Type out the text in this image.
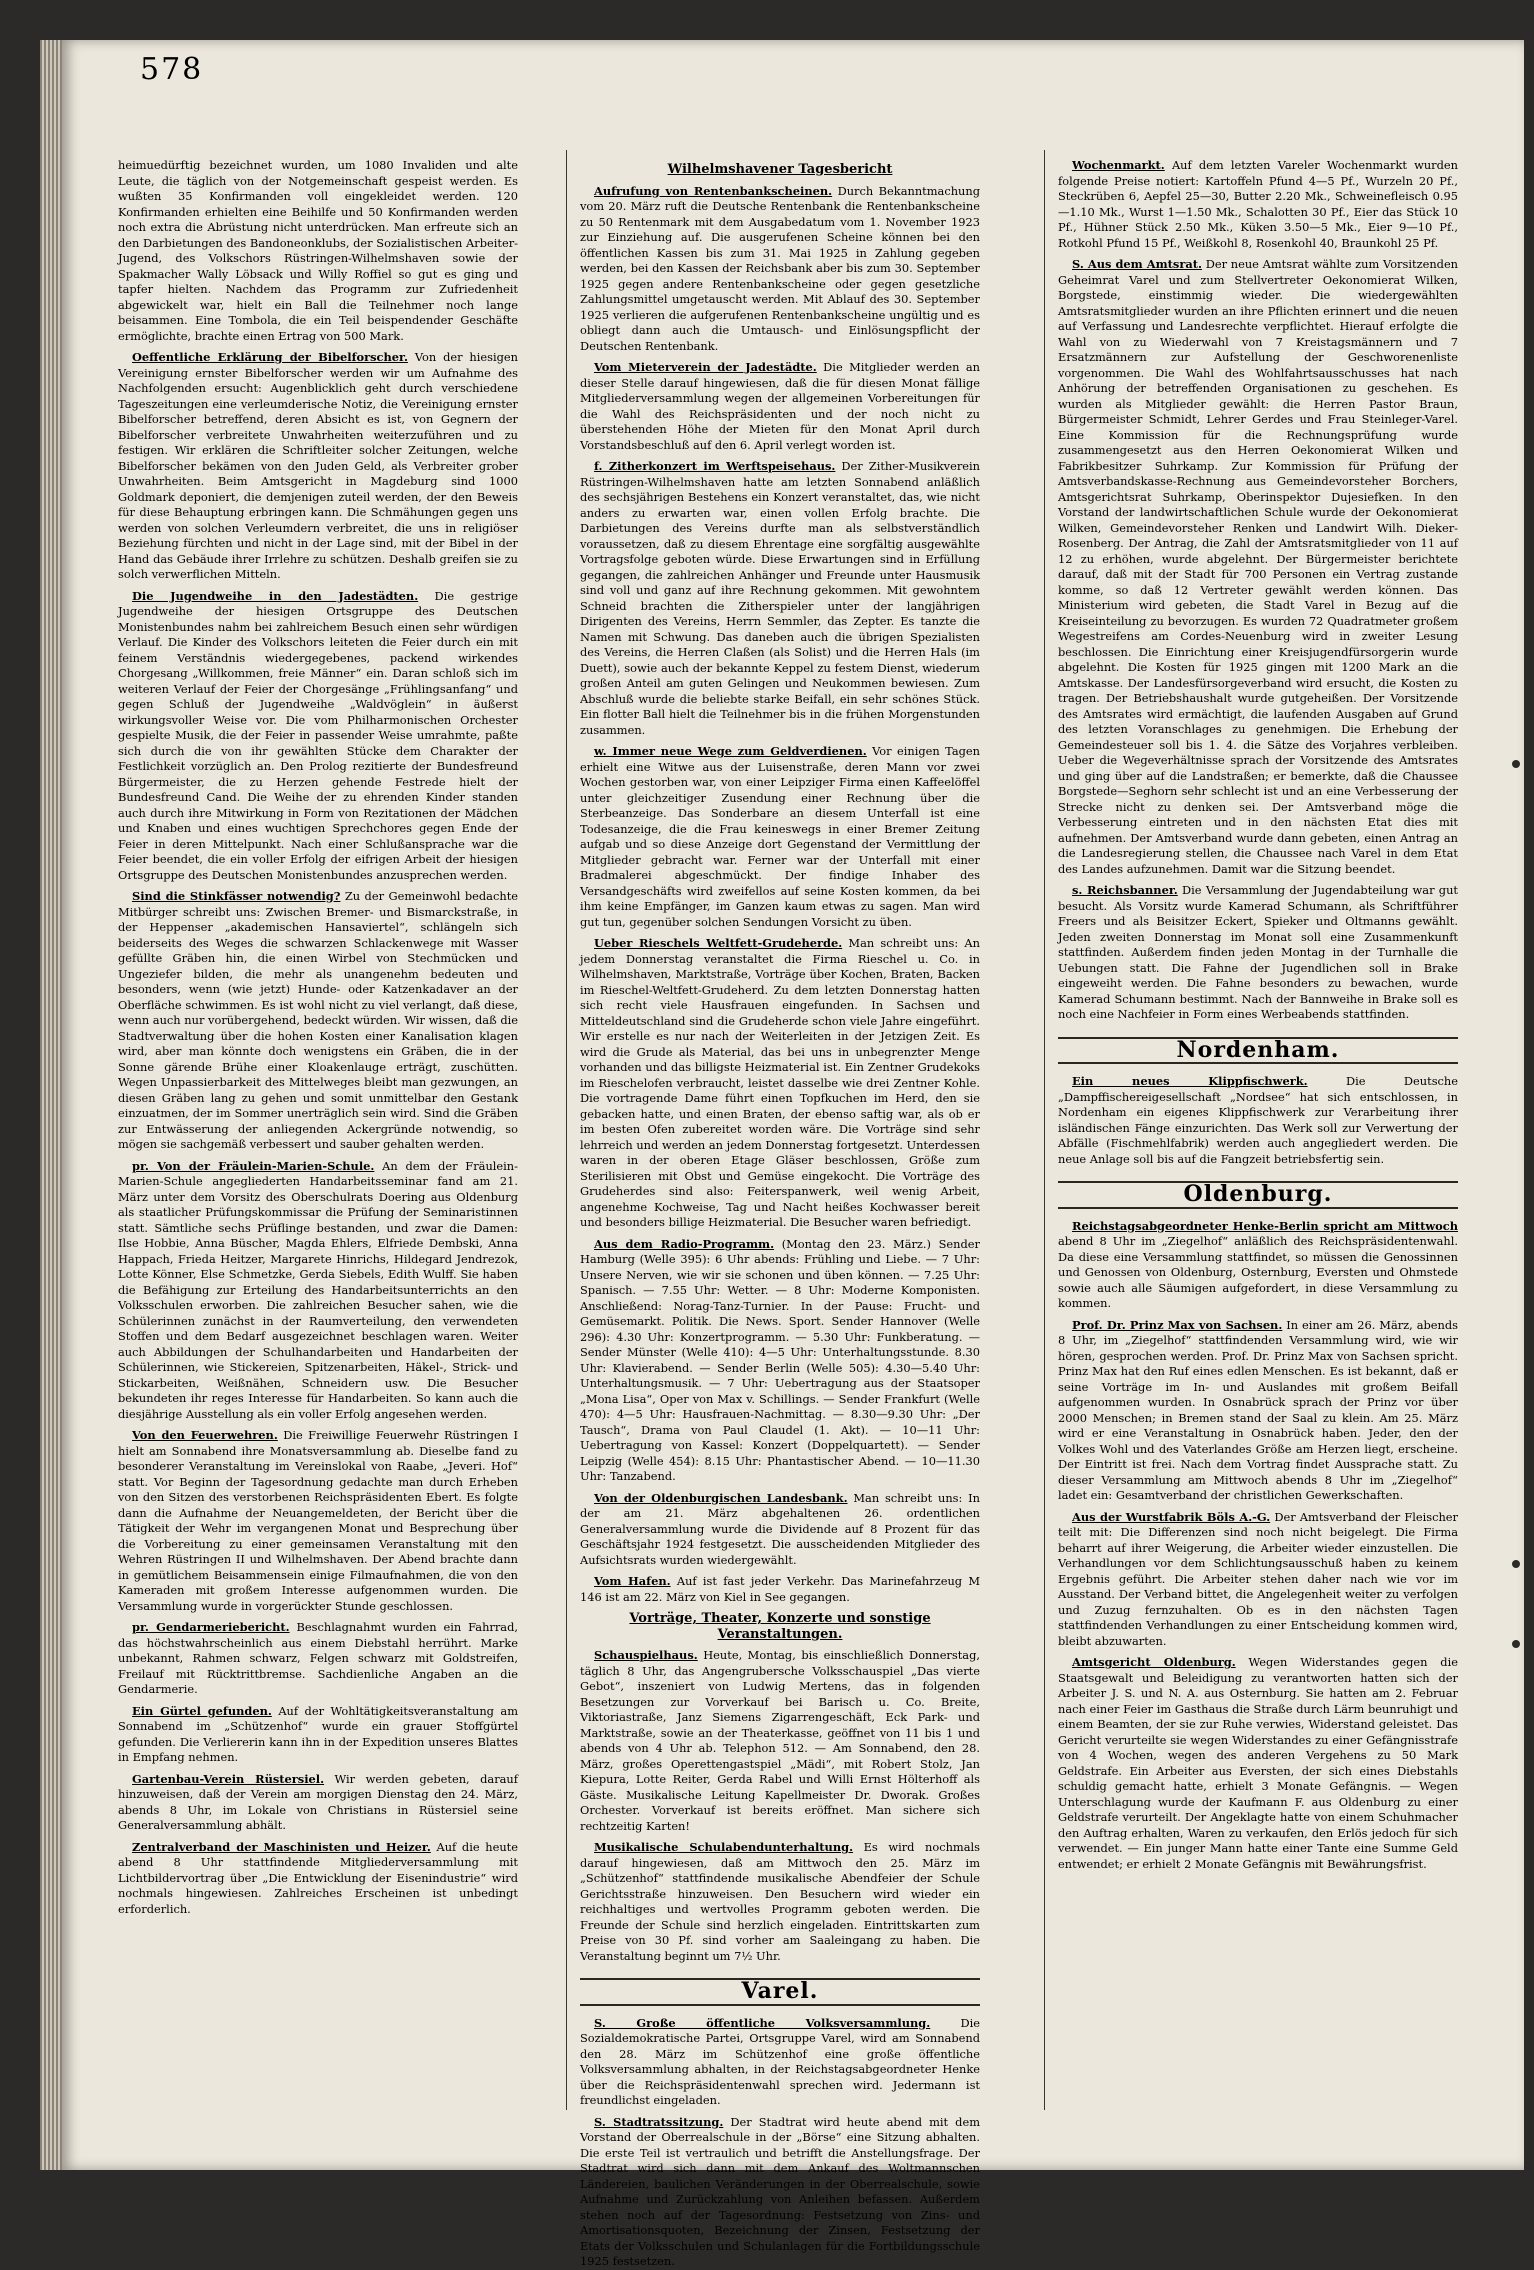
578

heimuedürftig bezeichnet wurden, um 1080 Invaliden und alte Leute, die täglich von der Notgemeinschaft gespeist werden. Es wußten 35 Konfirmanden voll eingekleidet werden. 120 Konfirmanden erhielten eine Beihilfe und 50 Konfirmanden werden noch extra die Abrüstung nicht unterdrücken. Man erfreute sich an den Darbietungen des Bandoneonklubs, der Sozialistischen Arbeiter-Jugend, des Volkschors Rüstringen-Wilhelmshaven sowie der Spakmacher Wally Löbsack und Willy Roffiel so gut es ging und tapfer hielten. Nachdem das Programm zur Zufriedenheit abgewickelt war, hielt ein Ball die Teilnehmer noch lange beisammen. Eine Tombola, die ein Teil beispendender Geschäfte ermöglichte, brachte einen Ertrag von 500 Mark.

Oeffentliche Erklärung der Bibelforscher. Von der hiesigen Vereinigung ernster Bibelforscher werden wir um Aufnahme des Nachfolgenden ersucht: Augenblicklich geht durch verschiedene Tageszeitungen eine verleumderische Notiz, die Vereinigung ernster Bibelforscher betreffend, deren Absicht es ist, von Gegnern der Bibelforscher verbreitete Unwahrheiten weiterzuführen und zu festigen. Wir erklären die Schriftleiter solcher Zeitungen, welche Bibelforscher bekämen von den Juden Geld, als Verbreiter grober Unwahrheiten. Beim Amtsgericht in Magdeburg sind 1000 Goldmark deponiert, die demjenigen zuteil werden, der den Beweis für diese Behauptung erbringen kann. Die Schmähungen gegen uns werden von solchen Verleumdern verbreitet, die uns in religiöser Beziehung fürchten und nicht in der Lage sind, mit der Bibel in der Hand das Gebäude ihrer Irrlehre zu schützen. Deshalb greifen sie zu solch verwerflichen Mitteln.

Die Jugendweihe in den Jadestädten. Die gestrige Jugendweihe der hiesigen Ortsgruppe des Deutschen Monistenbundes nahm bei zahlreichem Besuch einen sehr würdigen Verlauf. Die Kinder des Volkschors leiteten die Feier durch ein mit feinem Verständnis wiedergegebenes, packend wirkendes Chorgesang „Willkommen, freie Männer“ ein. Daran schloß sich im weiteren Verlauf der Feier der Chorgesänge „Frühlingsanfang“ und gegen Schluß der Jugendweihe „Waldvöglein“ in äußerst wirkungsvoller Weise vor. Die vom Philharmonischen Orchester gespielte Musik, die der Feier in passender Weise umrahmte, paßte sich durch die von ihr gewählten Stücke dem Charakter der Festlichkeit vorzüglich an. Den Prolog rezitierte der Bundesfreund Bürgermeister, die zu Herzen gehende Festrede hielt der Bundesfreund Cand. Die Weihe der zu ehrenden Kinder standen auch durch ihre Mitwirkung in Form von Rezitationen der Mädchen und Knaben und eines wuchtigen Sprechchores gegen Ende der Feier in deren Mittelpunkt. Nach einer Schlußansprache war die Feier beendet, die ein voller Erfolg der eifrigen Arbeit der hiesigen Ortsgruppe des Deutschen Monistenbundes anzusprechen werden.

Sind die Stinkfässer notwendig? Zu der Gemeinwohl bedachte Mitbürger schreibt uns: Zwischen Bremer- und Bismarckstraße, in der Heppenser „akademischen Hansaviertel“, schlängeln sich beiderseits des Weges die schwarzen Schlackenwege mit Wasser gefüllte Gräben hin, die einen Wirbel von Stechmücken und Ungeziefer bilden, die mehr als unangenehm bedeuten und besonders, wenn (wie jetzt) Hunde- oder Katzenkadaver an der Oberfläche schwimmen. Es ist wohl nicht zu viel verlangt, daß diese, wenn auch nur vorübergehend, bedeckt würden. Wir wissen, daß die Stadtverwaltung über die hohen Kosten einer Kanalisation klagen wird, aber man könnte doch wenigstens ein Gräben, die in der Sonne gärende Brühe einer Kloakenlauge erträgt, zuschütten. Wegen Unpassierbarkeit des Mittelweges bleibt man gezwungen, an diesen Gräben lang zu gehen und somit unmittelbar den Gestank einzuatmen, der im Sommer unerträglich sein wird. Sind die Gräben zur Entwässerung der anliegenden Ackergründe notwendig, so mögen sie sachgemäß verbessert und sauber gehalten werden.

pr. Von der Fräulein-Marien-Schule. An dem der Fräulein-Marien-Schule angegliederten Handarbeitsseminar fand am 21. März unter dem Vorsitz des Oberschulrats Doering aus Oldenburg als staatlicher Prüfungskommissar die Prüfung der Seminaristinnen statt. Sämtliche sechs Prüflinge bestanden, und zwar die Damen: Ilse Hobbie, Anna Büscher, Magda Ehlers, Elfriede Dembski, Anna Happach, Frieda Heitzer, Margarete Hinrichs, Hildegard Jendrezok, Lotte Könner, Else Schmetzke, Gerda Siebels, Edith Wulff. Sie haben die Befähigung zur Erteilung des Handarbeitsunterrichts an den Volksschulen erworben. Die zahlreichen Besucher sahen, wie die Schülerinnen zunächst in der Raumverteilung, den verwendeten Stoffen und dem Bedarf ausgezeichnet beschlagen waren. Weiter auch Abbildungen der Schulhandarbeiten und Handarbeiten der Schülerinnen, wie Stickereien, Spitzenarbeiten, Häkel-, Strick- und Stickarbeiten, Weißnähen, Schneidern usw. Die Besucher bekundeten ihr reges Interesse für Handarbeiten. So kann auch die diesjährige Ausstellung als ein voller Erfolg angesehen werden.

Von den Feuerwehren. Die Freiwillige Feuerwehr Rüstringen I hielt am Sonnabend ihre Monatsversammlung ab. Dieselbe fand zu besonderer Veranstaltung im Vereinslokal von Raabe, „Jeveri. Hof“ statt. Vor Beginn der Tagesordnung gedachte man durch Erheben von den Sitzen des verstorbenen Reichspräsidenten Ebert. Es folgte dann die Aufnahme der Neuangemeldeten, der Bericht über die Tätigkeit der Wehr im vergangenen Monat und Besprechung über die Vorbereitung zu einer gemeinsamen Veranstaltung mit den Wehren Rüstringen II und Wilhelmshaven. Der Abend brachte dann in gemütlichem Beisammensein einige Filmaufnahmen, die von den Kameraden mit großem Interesse aufgenommen wurden. Die Versammlung wurde in vorgerückter Stunde geschlossen.

pr. Gendarmeriebericht. Beschlagnahmt wurden ein Fahrrad, das höchstwahrscheinlich aus einem Diebstahl herrührt. Marke unbekannt, Rahmen schwarz, Felgen schwarz mit Goldstreifen, Freilauf mit Rücktrittbremse. Sachdienliche Angaben an die Gendarmerie.

Ein Gürtel gefunden. Auf der Wohltätigkeitsveranstaltung am Sonnabend im „Schützenhof“ wurde ein grauer Stoffgürtel gefunden. Die Verliererin kann ihn in der Expedition unseres Blattes in Empfang nehmen.

Gartenbau-Verein Rüstersiel. Wir werden gebeten, darauf hinzuweisen, daß der Verein am morgigen Dienstag den 24. März, abends 8 Uhr, im Lokale von Christians in Rüstersiel seine Generalversammlung abhält.

Zentralverband der Maschinisten und Heizer. Auf die heute abend 8 Uhr stattfindende Mitgliederversammlung mit Lichtbildervortrag über „Die Entwicklung der Eisenindustrie“ wird nochmals hingewiesen. Zahlreiches Erscheinen ist unbedingt erforderlich.

Wilhelmshavener Tagesbericht

Aufrufung von Rentenbankscheinen. Durch Bekanntmachung vom 20. März ruft die Deutsche Rentenbank die Rentenbankscheine zu 50 Rentenmark mit dem Ausgabedatum vom 1. November 1923 zur Einziehung auf. Die ausgerufenen Scheine können bei den öffentlichen Kassen bis zum 31. Mai 1925 in Zahlung gegeben werden, bei den Kassen der Reichsbank aber bis zum 30. September 1925 gegen andere Rentenbankscheine oder gegen gesetzliche Zahlungsmittel umgetauscht werden. Mit Ablauf des 30. September 1925 verlieren die aufgerufenen Rentenbankscheine ungültig und es obliegt dann auch die Umtausch- und Einlösungspflicht der Deutschen Rentenbank.

Vom Mieterverein der Jadestädte. Die Mitglieder werden an dieser Stelle darauf hingewiesen, daß die für diesen Monat fällige Mitgliederversammlung wegen der allgemeinen Vorbereitungen für die Wahl des Reichspräsidenten und der noch nicht zu überstehenden Höhe der Mieten für den Monat April durch Vorstandsbeschluß auf den 6. April verlegt worden ist.

f. Zitherkonzert im Werftspeisehaus. Der Zither-Musikverein Rüstringen-Wilhelmshaven hatte am letzten Sonnabend anläßlich des sechsjährigen Bestehens ein Konzert veranstaltet, das, wie nicht anders zu erwarten war, einen vollen Erfolg brachte. Die Darbietungen des Vereins durfte man als selbstverständlich voraussetzen, daß zu diesem Ehrentage eine sorgfältig ausgewählte Vortragsfolge geboten würde. Diese Erwartungen sind in Erfüllung gegangen, die zahlreichen Anhänger und Freunde unter Hausmusik sind voll und ganz auf ihre Rechnung gekommen. Mit gewohntem Schneid brachten die Zitherspieler unter der langjährigen Dirigenten des Vereins, Herrn Semmler, das Zepter. Es tanzte die Namen mit Schwung. Das daneben auch die übrigen Spezialisten des Vereins, die Herren Claßen (als Solist) und die Herren Hals (im Duett), sowie auch der bekannte Keppel zu festem Dienst, wiederum großen Anteil am guten Gelingen und Neukommen bewiesen. Zum Abschluß wurde die beliebte starke Beifall, ein sehr schönes Stück. Ein flotter Ball hielt die Teilnehmer bis in die frühen Morgenstunden zusammen.

w. Immer neue Wege zum Geldverdienen. Vor einigen Tagen erhielt eine Witwe aus der Luisenstraße, deren Mann vor zwei Wochen gestorben war, von einer Leipziger Firma einen Kaffeelöffel unter gleichzeitiger Zusendung einer Rechnung über die Sterbeanzeige. Das Sonderbare an diesem Unterfall ist eine Todesanzeige, die die Frau keineswegs in einer Bremer Zeitung aufgab und so diese Anzeige dort Gegenstand der Vermittlung der Mitglieder gebracht war. Ferner war der Unterfall mit einer Bradmalerei abgeschmückt. Der findige Inhaber des Versandgeschäfts wird zweifellos auf seine Kosten kommen, da bei ihm keine Empfänger, im Ganzen kaum etwas zu sagen. Man wird gut tun, gegenüber solchen Sendungen Vorsicht zu üben.

Ueber Rieschels Weltfett-Grudeherde. Man schreibt uns: An jedem Donnerstag veranstaltet die Firma Rieschel u. Co. in Wilhelmshaven, Marktstraße, Vorträge über Kochen, Braten, Backen im Rieschel-Weltfett-Grudeherd. Zu dem letzten Donnerstag hatten sich recht viele Hausfrauen eingefunden. In Sachsen und Mitteldeutschland sind die Grudeherde schon viele Jahre eingeführt. Wir erstelle es nur nach der Weiterleiten in der Jetzigen Zeit. Es wird die Grude als Material, das bei uns in unbegrenzter Menge vorhanden und das billigste Heizmaterial ist. Ein Zentner Grudekoks im Rieschelofen verbraucht, leistet dasselbe wie drei Zentner Kohle. Die vortragende Dame führt einen Topfkuchen im Herd, den sie gebacken hatte, und einen Braten, der ebenso saftig war, als ob er im besten Ofen zubereitet worden wäre. Die Vorträge sind sehr lehrreich und werden an jedem Donnerstag fortgesetzt. Unterdessen waren in der oberen Etage Gläser beschlossen, Größe zum Sterilisieren mit Obst und Gemüse eingekocht. Die Vorträge des Grudeherdes sind also: Feiterspanwerk, weil wenig Arbeit, angenehme Kochweise, Tag und Nacht heißes Kochwasser bereit und besonders billige Heizmaterial. Die Besucher waren befriedigt.

Aus dem Radio-Programm. (Montag den 23. März.) Sender Hamburg (Welle 395): 6 Uhr abends: Frühling und Liebe. — 7 Uhr: Unsere Nerven, wie wir sie schonen und üben können. — 7.25 Uhr: Spanisch. — 7.55 Uhr: Wetter. — 8 Uhr: Moderne Komponisten. Anschließend: Norag-Tanz-Turnier. In der Pause: Frucht- und Gemüsemarkt. Politik. Die News. Sport. Sender Hannover (Welle 296): 4.30 Uhr: Konzertprogramm. — 5.30 Uhr: Funkberatung. — Sender Münster (Welle 410): 4—5 Uhr: Unterhaltungsstunde. 8.30 Uhr: Klavierabend. — Sender Berlin (Welle 505): 4.30—5.40 Uhr: Unterhaltungsmusik. — 7 Uhr: Uebertragung aus der Staatsoper „Mona Lisa“, Oper von Max v. Schillings. — Sender Frankfurt (Welle 470): 4—5 Uhr: Hausfrauen-Nachmittag. — 8.30—9.30 Uhr: „Der Tausch“, Drama von Paul Claudel (1. Akt). — 10—11 Uhr: Uebertragung von Kassel: Konzert (Doppelquartett). — Sender Leipzig (Welle 454): 8.15 Uhr: Phantastischer Abend. — 10—11.30 Uhr: Tanzabend.

Von der Oldenburgischen Landesbank. Man schreibt uns: In der am 21. März abgehaltenen 26. ordentlichen Generalversammlung wurde die Dividende auf 8 Prozent für das Geschäftsjahr 1924 festgesetzt. Die ausscheidenden Mitglieder des Aufsichtsrats wurden wiedergewählt.

Vom Hafen. Auf ist fast jeder Verkehr. Das Marinefahrzeug M 146 ist am 22. März von Kiel in See gegangen.

Vorträge, Theater, Konzerte und sonstige Veranstaltungen.

Schauspielhaus. Heute, Montag, bis einschließlich Donnerstag, täglich 8 Uhr, das Angengrubersche Volksschauspiel „Das vierte Gebot“, inszeniert von Ludwig Mertens, das in folgenden Besetzungen zur Vorverkauf bei Barisch u. Co. Breite, Viktoriastraße, Janz Siemens Zigarrengeschäft, Eck Park- und Marktstraße, sowie an der Theaterkasse, geöffnet von 11 bis 1 und abends von 4 Uhr ab. Telephon 512. — Am Sonnabend, den 28. März, großes Operettengastspiel „Mädi“, mit Robert Stolz, Jan Kiepura, Lotte Reiter, Gerda Rabel und Willi Ernst Hölterhoff als Gäste. Musikalische Leitung Kapellmeister Dr. Dworak. Großes Orchester. Vorverkauf ist bereits eröffnet. Man sichere sich rechtzeitig Karten!

Musikalische Schulabendunterhaltung. Es wird nochmals darauf hingewiesen, daß am Mittwoch den 25. März im „Schützenhof“ stattfindende musikalische Abendfeier der Schule Gerichtsstraße hinzuweisen. Den Besuchern wird wieder ein reichhaltiges und wertvolles Programm geboten werden. Die Freunde der Schule sind herzlich eingeladen. Eintrittskarten zum Preise von 30 Pf. sind vorher am Saaleingang zu haben. Die Veranstaltung beginnt um 7½ Uhr.

Varel.

S. Große öffentliche Volksversammlung.	Die Sozialdemokratische Partei, Ortsgruppe Varel, wird am Sonnabend den 28. März im Schützenhof eine große öffentliche Volksversammlung abhalten, in der Reichstagsabgeordneter Henke über die Reichspräsidentenwahl sprechen wird. Jedermann ist freundlichst eingeladen.

S. Stadtratssitzung. Der Stadtrat wird heute abend mit dem Vorstand der Oberrealschule in der „Börse“ eine Sitzung abhalten. Die erste Teil ist vertraulich und betrifft die Anstellungsfrage. Der Stadtrat wird sich dann mit dem Ankauf des Woltmannschen Ländereien, baulichen Veränderungen in der Oberrealschule, sowie Aufnahme und Zurückzahlung von Anleihen befassen. Außerdem stehen noch auf der Tagesordnung: Festsetzung von Zins- und Amortisationsquoten, Bezeichnung der Zinsen, Festsetzung der Etats der Volksschulen und Schulanlagen für die Fortbildungsschule 1925 festsetzen.

Wochenmarkt. Auf dem letzten Vareler Wochenmarkt wurden folgende Preise notiert: Kartoffeln Pfund 4—5 Pf., Wurzeln 20 Pf., Steckrüben 6, Aepfel 25—30, Butter 2.20 Mk., Schweinefleisch 0.95—1.10 Mk., Wurst 1—1.50 Mk., Schalotten 30 Pf., Eier das Stück 10 Pf., Hühner Stück 2.50 Mk., Küken 3.50—5 Mk., Eier 9—10 Pf., Rotkohl Pfund 15 Pf., Weißkohl 8, Rosenkohl 40, Braunkohl 25 Pf.

S. Aus dem Amtsrat. Der neue Amtsrat wählte zum Vorsitzenden Geheimrat Varel und zum Stellvertreter Oekonomierat Wilken, Borgstede, einstimmig wieder. Die wiedergewählten Amtsratsmitglieder wurden an ihre Pflichten erinnert und die neuen auf Verfassung und Landesrechte verpflichtet. Hierauf erfolgte die Wahl von zu Wiederwahl von 7 Kreistagsmännern und 7 Ersatzmännern zur Aufstellung der Geschworenenliste vorgenommen. Die Wahl des Wohlfahrtsausschusses hat nach Anhörung der betreffenden Organisationen zu geschehen. Es wurden als Mitglieder gewählt: die Herren Pastor Braun, Bürgermeister Schmidt, Lehrer Gerdes und Frau Steinleger-Varel. Eine Kommission für die Rechnungsprüfung wurde zusammengesetzt aus den Herren Oekonomierat Wilken und Fabrikbesitzer Suhrkamp. Zur Kommission für Prüfung der Amtsverbandskasse-Rechnung aus Gemeindevorsteher Borchers, Amtsgerichtsrat Suhrkamp, Oberinspektor Dujesiefken. In den Vorstand der landwirtschaftlichen Schule wurde der Oekonomierat Wilken, Gemeindevorsteher Renken und Landwirt Wilh. Dieker-Rosenberg. Der Antrag, die Zahl der Amtsratsmitglieder von 11 auf 12 zu erhöhen, wurde abgelehnt. Der Bürgermeister berichtete darauf, daß mit der Stadt für 700 Personen ein Vertrag zustande komme, so daß 12 Vertreter gewählt werden können. Das Ministerium wird gebeten, die Stadt Varel in Bezug auf die Kreiseinteilung zu bevorzugen. Es wurden 72 Quadratmeter großem Wegestreifens am Cordes-Neuenburg wird in zweiter Lesung beschlossen. Die Einrichtung einer Kreisjugendfürsorgerin wurde abgelehnt. Die Kosten für 1925 gingen mit 1200 Mark an die Amtskasse. Der Landesfürsorgeverband wird ersucht, die Kosten zu tragen. Der Betriebshaushalt wurde gutgeheißen. Der Vorsitzende des Amtsrates wird ermächtigt, die laufenden Ausgaben auf Grund des letzten Voranschlages zu genehmigen. Die Erhebung der Gemeindesteuer soll bis 1. 4. die Sätze des Vorjahres verbleiben. Ueber die Wegeverhältnisse sprach der Vorsitzende des Amtsrates und ging über auf die Landstraßen; er bemerkte, daß die Chaussee Borgstede—Seghorn sehr schlecht ist und an eine Verbesserung der Strecke nicht zu denken sei. Der Amtsverband möge die Verbesserung eintreten und in den nächsten Etat dies mit aufnehmen. Der Amtsverband wurde dann gebeten, einen Antrag an die Landesregierung stellen, die Chaussee nach Varel in dem Etat des Landes aufzunehmen. Damit war die Sitzung beendet.

s. Reichsbanner. Die Versammlung der Jugendabteilung war gut besucht. Als Vorsitz wurde Kamerad Schumann, als Schriftführer Freers und als Beisitzer Eckert, Spieker und Oltmanns gewählt. Jeden zweiten Donnerstag im Monat soll eine Zusammenkunft stattfinden. Außerdem finden jeden Montag in der Turnhalle die Uebungen statt. Die Fahne der Jugendlichen soll in Brake eingeweiht werden. Die Fahne besonders zu bewachen, wurde Kamerad Schumann bestimmt. Nach der Bannweihe in Brake soll es noch eine Nachfeier in Form eines Werbeabends stattfinden.

Nordenham.

Ein neues Klippfischwerk.	Die Deutsche „Dampffischereigesellschaft „Nordsee“ hat sich entschlossen, in Nordenham ein eigenes Klippfischwerk zur Verarbeitung ihrer isländischen Fänge einzurichten. Das Werk soll zur Verwertung der Abfälle (Fischmehlfabrik) werden auch angegliedert werden. Die neue Anlage soll bis auf die Fangzeit betriebsfertig sein.

Oldenburg.

Reichstagsabgeordneter Henke-Berlin spricht am Mittwoch abend 8 Uhr im „Ziegelhof“ anläßlich des Reichspräsidentenwahl. Da diese eine Versammlung stattfindet, so müssen die Genossinnen und Genossen von Oldenburg, Osternburg, Eversten und Ohmstede sowie auch alle Säumigen aufgefordert, in diese Versammlung zu kommen.

Prof. Dr. Prinz Max von Sachsen. In einer am 26. März, abends 8 Uhr, im „Ziegelhof“ stattfindenden Versammlung wird, wie wir hören, gesprochen werden. Prof. Dr. Prinz Max von Sachsen spricht. Prinz Max hat den Ruf eines edlen Menschen. Es ist bekannt, daß er seine Vorträge im In- und Auslandes mit großem Beifall aufgenommen wurden. In Osnabrück sprach der Prinz vor über 2000 Menschen; in Bremen stand der Saal zu klein. Am 25. März wird er eine Veranstaltung in Osnabrück haben. Jeder, den der Volkes Wohl und des Vaterlandes Größe am Herzen liegt, erscheine. Der Eintritt ist frei. Nach dem Vortrag findet Aussprache statt. Zu dieser Versammlung am Mittwoch abends 8 Uhr im „Ziegelhof“ ladet ein: Gesamtverband der christlichen Gewerkschaften.

Aus der Wurstfabrik Böls A.-G. Der Amtsverband der Fleischer teilt mit: Die Differenzen sind noch nicht beigelegt. Die Firma beharrt auf ihrer Weigerung, die Arbeiter wieder einzustellen. Die Verhandlungen vor dem Schlichtungsausschuß haben zu keinem Ergebnis geführt. Die Arbeiter stehen daher nach wie vor im Ausstand. Der Verband bittet, die Angelegenheit weiter zu verfolgen und Zuzug fernzuhalten. Ob es in den nächsten Tagen stattfindenden Verhandlungen zu einer Entscheidung kommen wird, bleibt abzuwarten.

Amtsgericht Oldenburg. Wegen Widerstandes gegen die Staatsgewalt und Beleidigung zu verantworten hatten sich der Arbeiter J. S. und N. A. aus Osternburg. Sie hatten am 2. Februar nach einer Feier im Gasthaus die Straße durch Lärm beunruhigt und einem Beamten, der sie zur Ruhe verwies, Widerstand geleistet. Das Gericht verurteilte sie wegen Widerstandes zu einer Gefängnisstrafe von 4 Wochen, wegen des anderen Vergehens zu 50 Mark Geldstrafe. Ein Arbeiter aus Eversten, der sich eines Diebstahls schuldig gemacht hatte, erhielt 3 Monate Gefängnis. — Wegen Unterschlagung wurde der Kaufmann F. aus Oldenburg zu einer Geldstrafe verurteilt. Der Angeklagte hatte von einem Schuhmacher den Auftrag erhalten, Waren zu verkaufen, den Erlös jedoch für sich verwendet. — Ein junger Mann hatte einer Tante eine Summe Geld entwendet; er erhielt 2 Monate Gefängnis mit Bewährungsfrist.
